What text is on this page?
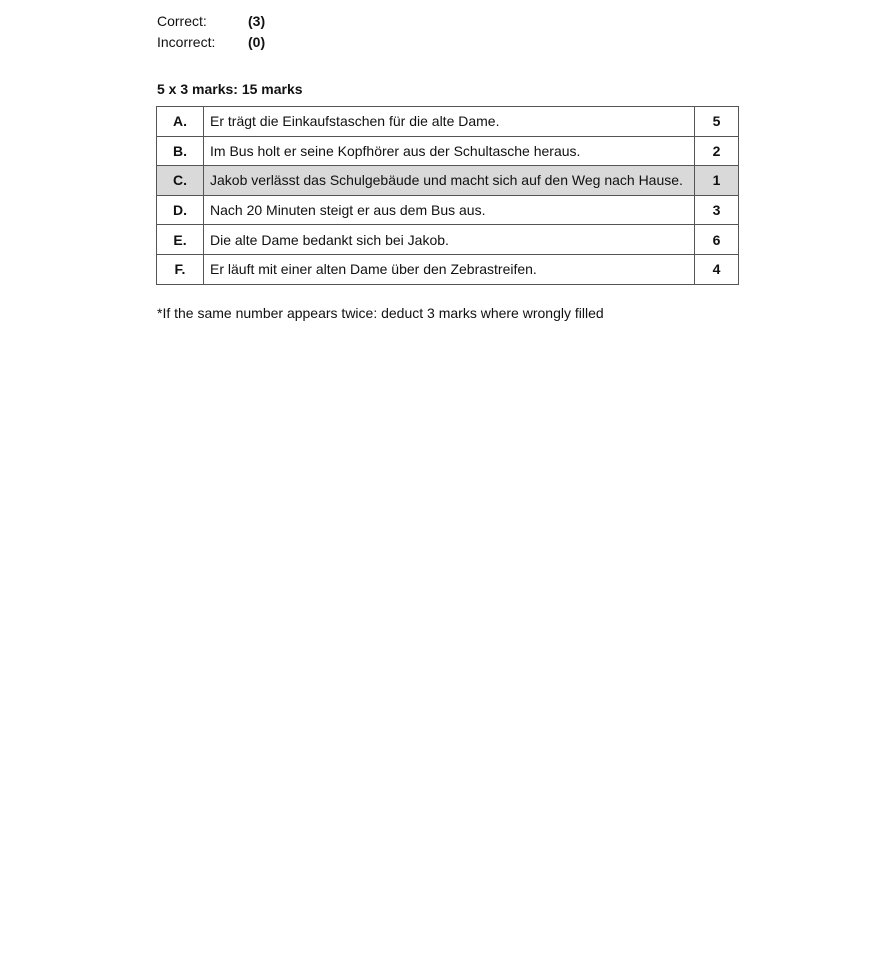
Correct:	(3)
Incorrect:	(0)
5 x 3 marks: 15 marks
A.	Er trägt die Einkaufstaschen für die alte Dame.	5
B.	Im Bus holt er seine Kopfhörer aus der Schultasche heraus.	2
C.	Jakob verlässt das Schulgebäude und macht sich auf den Weg nach Hause.	1
D.	Nach 20 Minuten steigt er aus dem Bus aus.	3
E.	Die alte Dame bedankt sich bei Jakob.	6
F.	Er läuft mit einer alten Dame über den Zebrastreifen.	4
*If the same number appears twice: deduct 3 marks where wrongly filled
